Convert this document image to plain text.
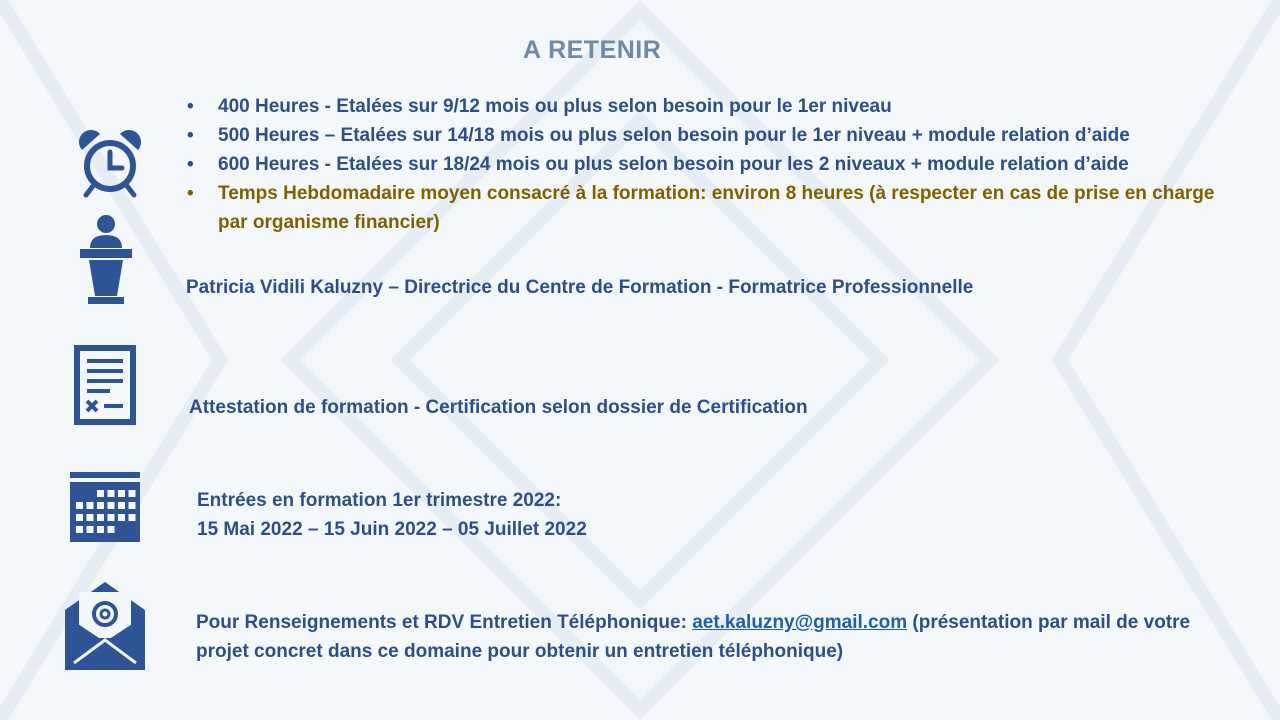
A RETENIR
• 400 Heures - Etalées sur 9/12 mois ou plus selon besoin pour le 1er niveau
• 500 Heures – Etalées sur 14/18 mois ou plus selon besoin pour le 1er niveau + module relation d’aide
• 600 Heures - Etalées sur 18/24 mois ou plus selon besoin pour les 2 niveaux + module relation d’aide
• Temps Hebdomadaire moyen consacré à la formation: environ 8 heures (à respecter en cas de prise en charge par organisme financier)
Patricia Vidili Kaluzny – Directrice du Centre de Formation - Formatrice Professionnelle
Attestation de formation - Certification selon dossier de Certification
Entrées en formation 1er trimestre 2022:
15 Mai 2022 – 15 Juin 2022 – 05 Juillet 2022
Pour Renseignements et RDV Entretien Téléphonique: aet.kaluzny@gmail.com (présentation par mail de votre projet concret dans ce domaine pour obtenir un entretien téléphonique)
